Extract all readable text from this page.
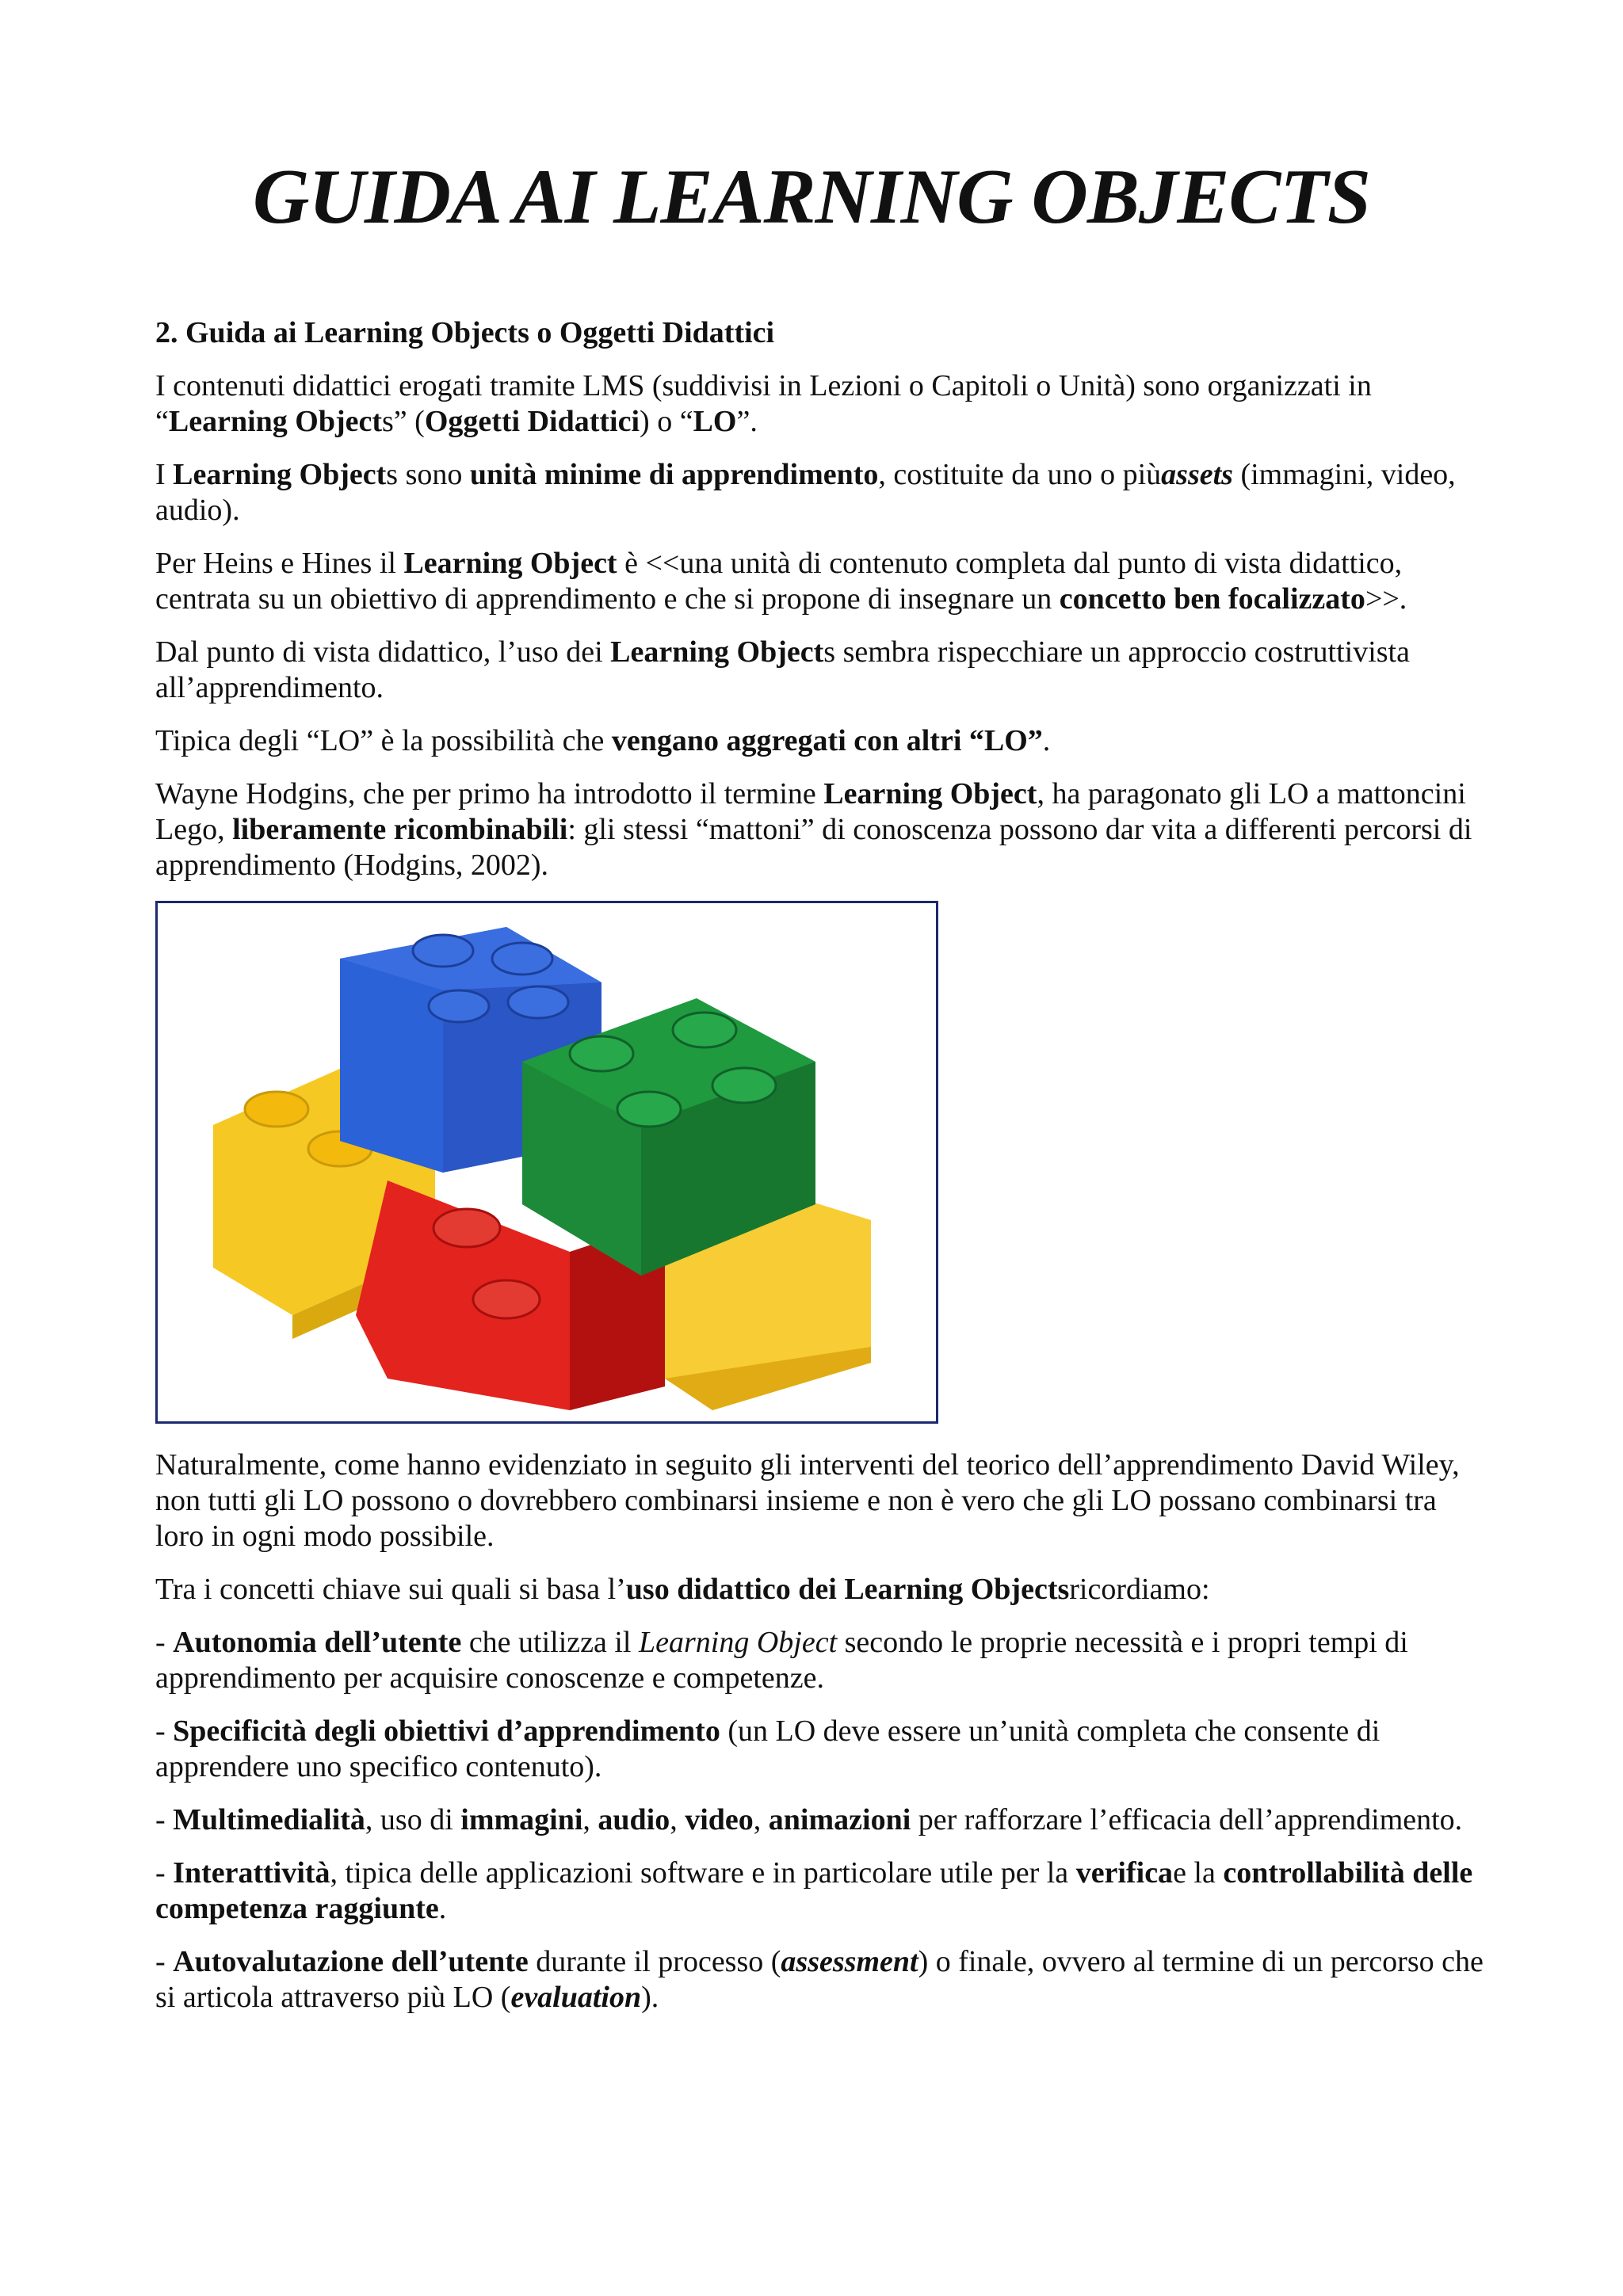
GUIDA AI LEARNING OBJECTS
2. Guida ai Learning Objects o Oggetti Didattici

I contenuti didattici erogati tramite LMS (suddivisi in Lezioni o Capitoli o Unità) sono organizzati in “Learning Objects” (Oggetti Didattici) o “LO”.

I Learning Objects sono unità minime di apprendimento, costituite da uno o piùassets (immagini, video, audio).

Per Heins e Hines il Learning Object è <<una unità di contenuto completa dal punto di vista didattico, centrata su un obiettivo di apprendimento e che si propone di insegnare un concetto ben focalizzato>>.

Dal punto di vista didattico, l’uso dei Learning Objects sembra rispecchiare un approccio costruttivista all’apprendimento.

Tipica degli “LO” è la possibilità che vengano aggregati con altri “LO”.

Wayne Hodgins, che per primo ha introdotto il termine Learning Object, ha paragonato gli LO a mattoncini Lego, liberamente ricombinabili: gli stessi “mattoni” di conoscenza possono dar vita a differenti percorsi di apprendimento (Hodgins, 2002).

Naturalmente, come hanno evidenziato in seguito gli interventi del teorico dell’apprendimento David Wiley, non tutti gli LO possono o dovrebbero combinarsi insieme e non è vero che gli LO possano combinarsi tra loro in ogni modo possibile.

Tra i concetti chiave sui quali si basa l’uso didattico dei Learning Objectsricordiamo:

- Autonomia dell’utente che utilizza il Learning Object secondo le proprie necessità e i propri tempi di apprendimento per acquisire conoscenze e competenze.

- Specificità degli obiettivi d’apprendimento (un LO deve essere un’unità completa che consente di apprendere uno specifico contenuto).

- Multimedialità, uso di immagini, audio, video, animazioni per rafforzare l’efficacia dell’apprendimento.

- Interattività, tipica delle applicazioni software e in particolare utile per la verificae la controllabilità delle competenza raggiunte.

- Autovalutazione dell’utente durante il processo (assessment) o finale, ovvero al termine di un percorso che si articola attraverso più LO (evaluation).
